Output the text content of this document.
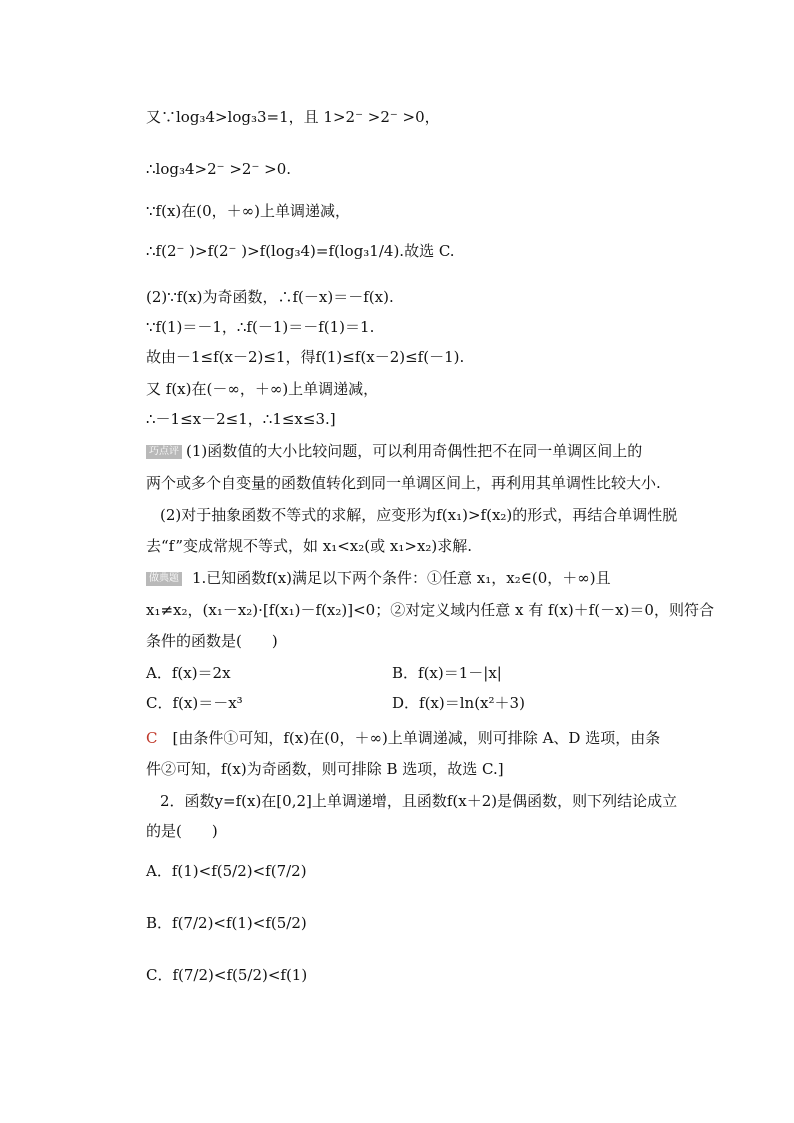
又∵log₃4>log₃3=1，且 1>2⁻ >2⁻ >0，
∴log₃4>2⁻ >2⁻ >0.
∵f(x)在(0，＋∞)上单调递减，
∴f(2⁻ )>f(2⁻ )>f(log₃4)=f(log₃1/4).故选 C.
(2)∵f(x)为奇函数，∴f(－x)＝－f(x).
∵f(1)＝－1，∴f(－1)＝－f(1)＝1.
故由－1≤f(x－2)≤1，得f(1)≤f(x－2)≤f(－1).
又 f(x)在(－∞，＋∞)上单调递减，
∴－1≤x－2≤1，∴1≤x≤3.]
巧点评 (1)函数值的大小比较问题，可以利用奇偶性把不在同一单调区间上的
两个或多个自变量的函数值转化到同一单调区间上，再利用其单调性比较大小.
(2)对于抽象函数不等式的求解，应变形为f(x₁)>f(x₂)的形式，再结合单调性脱
去“f”变成常规不等式，如 x₁<x₂(或 x₁>x₂)求解.
做典题 1.已知函数f(x)满足以下两个条件：①任意 x₁，x₂∈(0，＋∞)且
x₁≠x₂，(x₁－x₂)·[f(x₁)－f(x₂)]<0；②对定义域内任意 x 有 f(x)＋f(－x)＝0，则符合
条件的函数是(　　)
A．f(x)＝2x	B．f(x)＝1－|x|
C．f(x)＝－x³	D．f(x)＝ln(x²＋3)
C　 [由条件①可知，f(x)在(0，＋∞)上单调递减，则可排除 A、D 选项，由条
件②可知，f(x)为奇函数，则可排除 B 选项，故选 C.]
2．函数y=f(x)在[0,2]上单调递增，且函数f(x＋2)是偶函数，则下列结论成立
的是(　　)
A．f(1)<f(5/2)<f(7/2)
B．f(7/2)<f(1)<f(5/2)
C．f(7/2)<f(5/2)<f(1)
